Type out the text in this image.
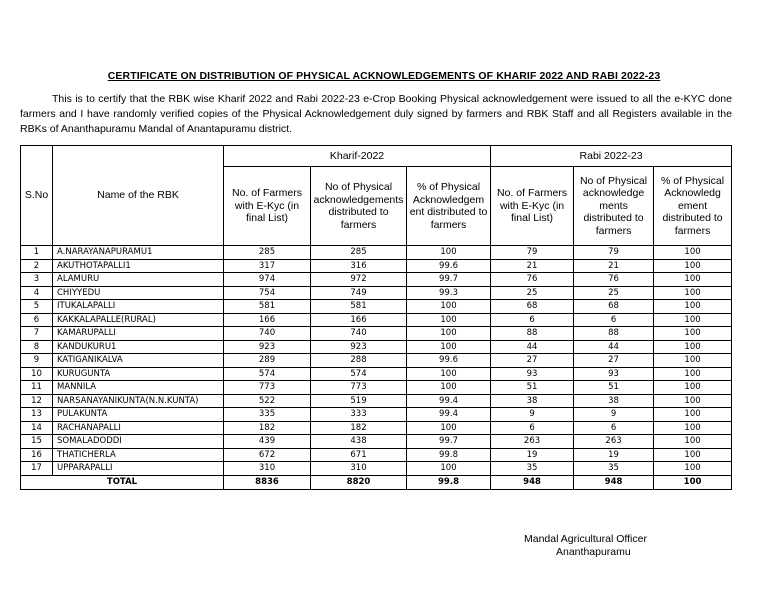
CERTIFICATE ON DISTRIBUTION OF PHYSICAL ACKNOWLEDGEMENTS OF KHARIF 2022 AND RABI 2022-23
This is to certify that the RBK wise Kharif 2022 and Rabi 2022-23 e-Crop Booking Physical acknowledgement were issued to all the e-KYC done farmers and I have randomly verified copies of the Physical Acknowledgement duly signed by farmers and RBK Staff and all Registers available in the RBKs of Ananthapuramu Mandal of Anantapuramu district.
S.No	Name of the RBK	Kharif-2022			Rabi 2022-23		
		No. of Farmers with E-Kyc (in final List)	No of Physical acknowledgements distributed to farmers	% of Physical Acknowledgem ent distributed to farmers	No. of Farmers with E-Kyc (in final List)	No of Physical acknowledge ments distributed to farmers	% of Physical Acknowledg ement distributed to farmers
1	A.NARAYANAPURAMU1	285	285	100	79	79	100
2	AKUTHOTAPALLI1	317	316	99.6	21	21	100
3	ALAMURU	974	972	99.7	76	76	100
4	CHIYYEDU	754	749	99.3	25	25	100
5	ITUKALAPALLI	581	581	100	68	68	100
6	KAKKALAPALLE(RURAL)	166	166	100	6	6	100
7	KAMARUPALLI	740	740	100	88	88	100
8	KANDUKURU1	923	923	100	44	44	100
9	KATIGANIKALVA	289	288	99.6	27	27	100
10	KURUGUNTA	574	574	100	93	93	100
11	MANNILA	773	773	100	51	51	100
12	NARSANAYANIKUNTA(N.N.KUNTA)	522	519	99.4	38	38	100
13	PULAKUNTA	335	333	99.4	9	9	100
14	RACHANAPALLI	182	182	100	6	6	100
15	SOMALADODDI	439	438	99.7	263	263	100
16	THATICHERLA	672	671	99.8	19	19	100
17	UPPARAPALLI	310	310	100	35	35	100
TOTAL		8836	8820	99.8	948	948	100
Mandal Agricultural Officer
Ananthapuramu
